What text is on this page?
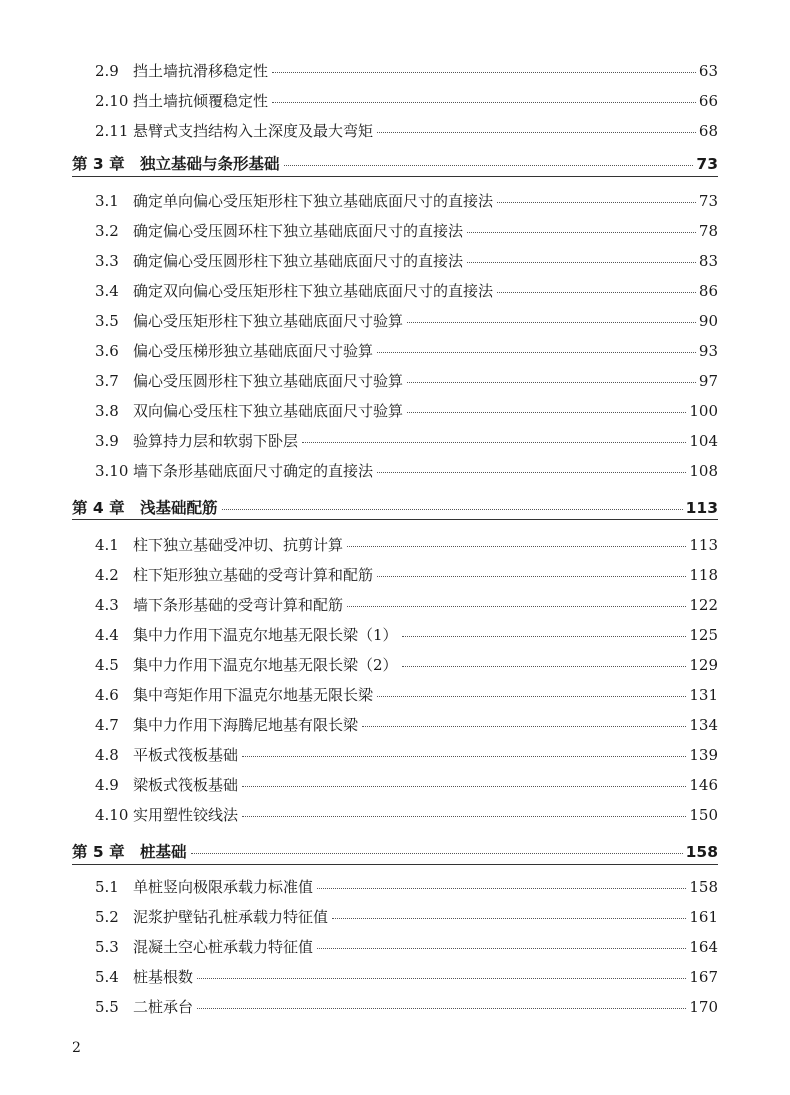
2.9 挡土墙抗滑移稳定性	63
2.10 挡土墙抗倾覆稳定性	66
2.11 悬臂式支挡结构入土深度及最大弯矩	68
第 3 章 独立基础与条形基础	73
3.1 确定单向偏心受压矩形柱下独立基础底面尺寸的直接法	73
3.2 确定偏心受压圆环柱下独立基础底面尺寸的直接法	78
3.3 确定偏心受压圆形柱下独立基础底面尺寸的直接法	83
3.4 确定双向偏心受压矩形柱下独立基础底面尺寸的直接法	86
3.5 偏心受压矩形柱下独立基础底面尺寸验算	90
3.6 偏心受压梯形独立基础底面尺寸验算	93
3.7 偏心受压圆形柱下独立基础底面尺寸验算	97
3.8 双向偏心受压柱下独立基础底面尺寸验算	100
3.9 验算持力层和软弱下卧层	104
3.10 墙下条形基础底面尺寸确定的直接法	108
第 4 章 浅基础配筋	113
4.1 柱下独立基础受冲切、抗剪计算	113
4.2 柱下矩形独立基础的受弯计算和配筋	118
4.3 墙下条形基础的受弯计算和配筋	122
4.4 集中力作用下温克尔地基无限长梁（1）	125
4.5 集中力作用下温克尔地基无限长梁（2）	129
4.6 集中弯矩作用下温克尔地基无限长梁	131
4.7 集中力作用下海腾尼地基有限长梁	134
4.8 平板式筏板基础	139
4.9 梁板式筏板基础	146
4.10 实用塑性铰线法	150
第 5 章 桩基础	158
5.1 单桩竖向极限承载力标准值	158
5.2 泥浆护壁钻孔桩承载力特征值	161
5.3 混凝土空心桩承载力特征值	164
5.4 桩基根数	167
5.5 二桩承台	170
2
